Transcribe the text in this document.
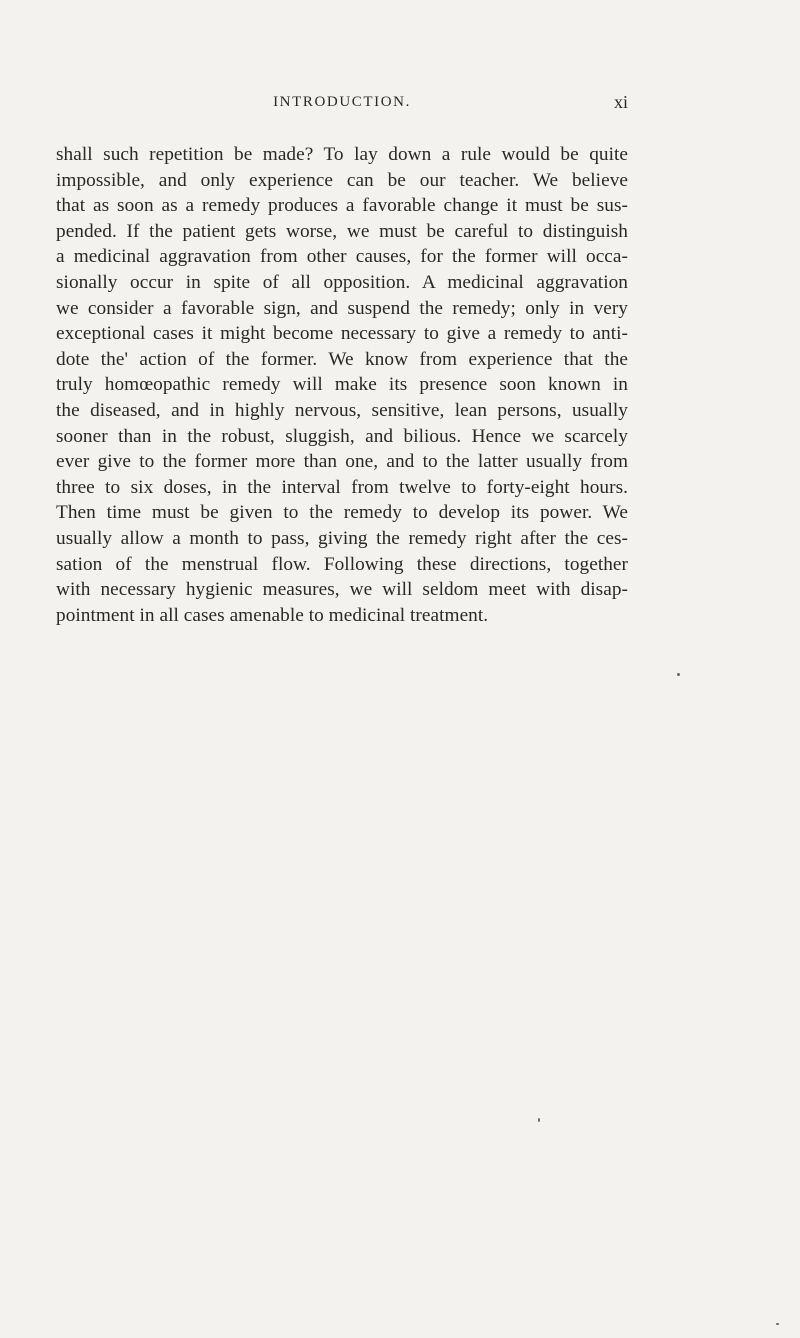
INTRODUCTION.	xi

shall such repetition be made? To lay down a rule would be quite
impossible, and only experience can be our teacher. We believe
that as soon as a remedy produces a favorable change it must be sus-
pended. If the patient gets worse, we must be careful to distinguish
a medicinal aggravation from other causes, for the former will occa-
sionally occur in spite of all opposition. A medicinal aggravation
we consider a favorable sign, and suspend the remedy; only in very
exceptional cases it might become necessary to give a remedy to anti-
dote the' action of the former. We know from experience that the
truly homœopathic remedy will make its presence soon known in
the diseased, and in highly nervous, sensitive, lean persons, usually
sooner than in the robust, sluggish, and bilious. Hence we scarcely
ever give to the former more than one, and to the latter usually from
three to six doses, in the interval from twelve to forty-eight hours.
Then time must be given to the remedy to develop its power. We
usually allow a month to pass, giving the remedy right after the ces-
sation of the menstrual flow. Following these directions, together
with necessary hygienic measures, we will seldom meet with disap-
pointment in all cases amenable to medicinal treatment.
